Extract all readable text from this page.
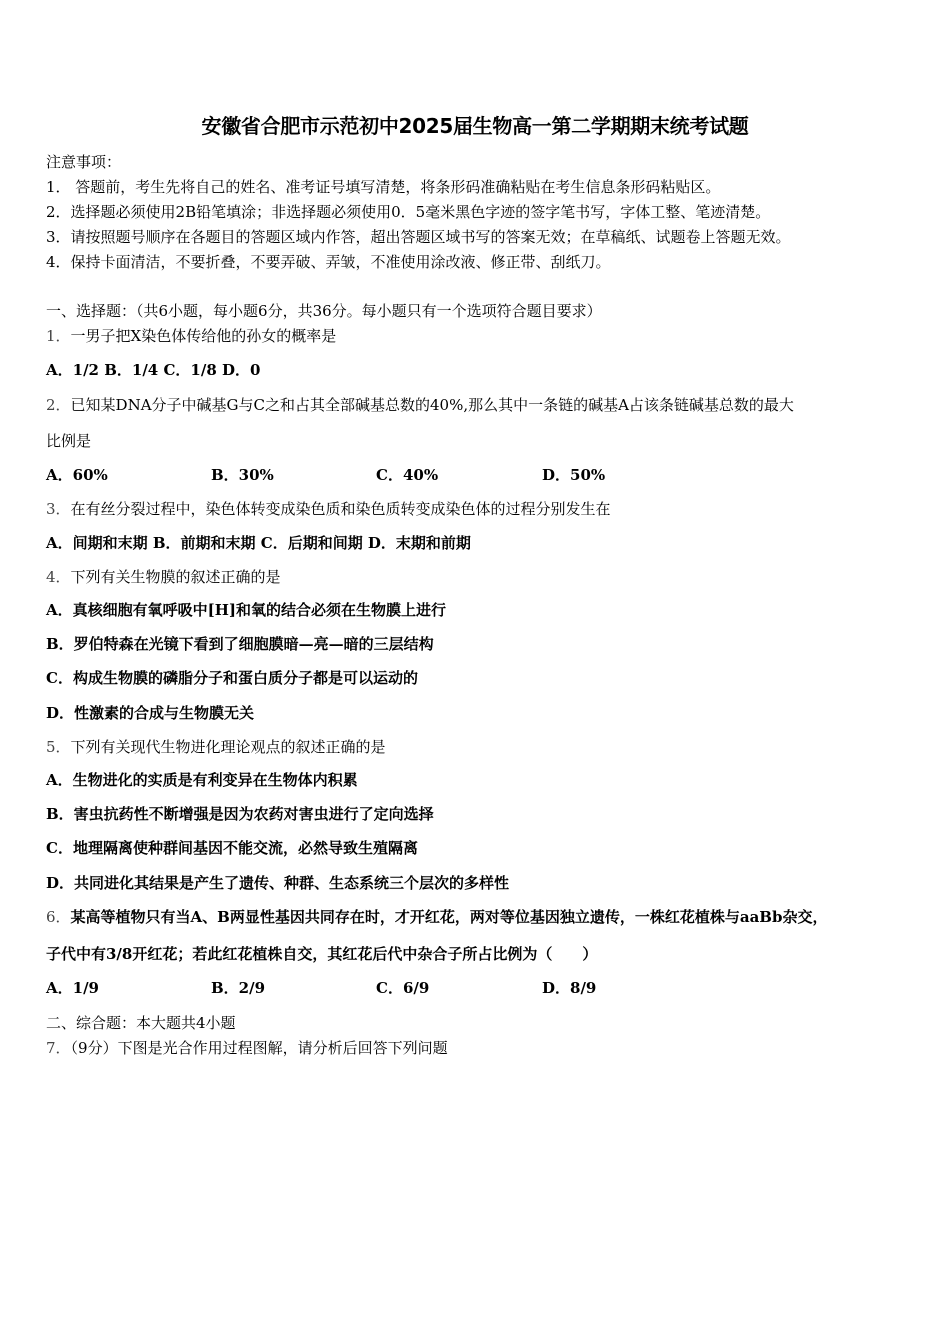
安徽省合肥市示范初中2025届生物高一第二学期期末统考试题
注意事项：
1． 答题前，考生先将自己的姓名、准考证号填写清楚，将条形码准确粘贴在考生信息条形码粘贴区。
2．选择题必须使用2B铅笔填涂；非选择题必须使用0．5毫米黑色字迹的签字笔书写，字体工整、笔迹清楚。
3．请按照题号顺序在各题目的答题区域内作答，超出答题区域书写的答案无效；在草稿纸、试题卷上答题无效。
4．保持卡面清洁，不要折叠，不要弄破、弄皱，不准使用涂改液、修正带、刮纸刀。
一、选择题：（共6小题，每小题6分，共36分。每小题只有一个选项符合题目要求）
1．一男子把X染色体传给他的孙女的概率是
A．1/2 B．1/4 C．1/8 D．0
2．已知某DNA分子中碱基G与C之和占其全部碱基总数的40%,那么其中一条链的碱基A占该条链碱基总数的最大
比例是
A．60%	B．30%	C．40%	D．50%
3．在有丝分裂过程中，染色体转变成染色质和染色质转变成染色体的过程分别发生在
A．间期和末期 B．前期和末期 C．后期和间期 D．末期和前期
4．下列有关生物膜的叙述正确的是
A．真核细胞有氧呼吸中[H]和氧的结合必须在生物膜上进行
B．罗伯特森在光镜下看到了细胞膜暗—亮—暗的三层结构
C．构成生物膜的磷脂分子和蛋白质分子都是可以运动的
D．性激素的合成与生物膜无关
5．下列有关现代生物进化理论观点的叙述正确的是
A．生物进化的实质是有利变异在生物体内积累
B．害虫抗药性不断增强是因为农药对害虫进行了定向选择
C．地理隔离使种群间基因不能交流，必然导致生殖隔离
D．共同进化其结果是产生了遗传、种群、生态系统三个层次的多样性
6．某高等植物只有当A、B两显性基因共同存在时，才开红花，两对等位基因独立遗传，一株红花植株与aaBb杂交，
子代中有3/8开红花；若此红花植株自交，其红花后代中杂合子所占比例为（　　）
A．1/9	B．2/9	C．6/9	D．8/9
二、综合题：本大题共4小题
7．（9分）下图是光合作用过程图解，请分析后回答下列问题
